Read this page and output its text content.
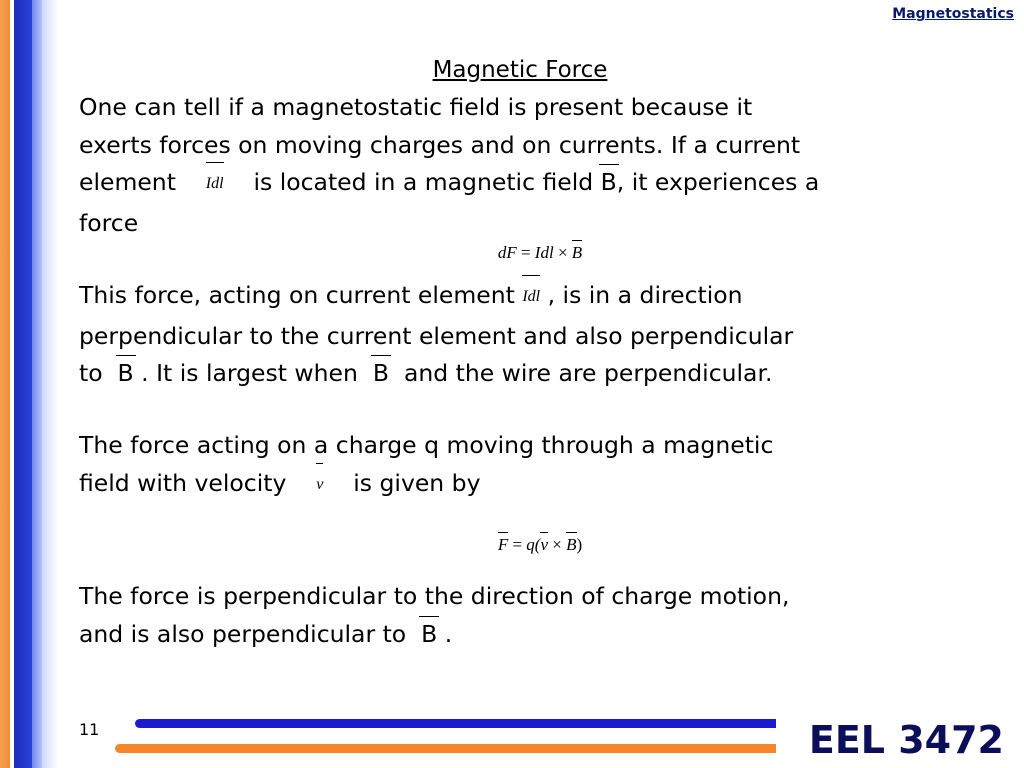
Magnetostatics
Magnetic Force
One can tell if a magnetostatic field is present because it
exerts forces on moving charges and on currents. If a current
element Idl is located in a magnetic field B, it experiences a
force
dF = Idl × B
This force, acting on current element Idl , is in a direction
perpendicular to the current element and also perpendicular
to B . It is largest when B and the wire are perpendicular.
The force acting on a charge q moving through a magnetic
field with velocity v is given by
F = q(v × B)
The force is perpendicular to the direction of charge motion,
and is also perpendicular to B .
11	EEL 3472
